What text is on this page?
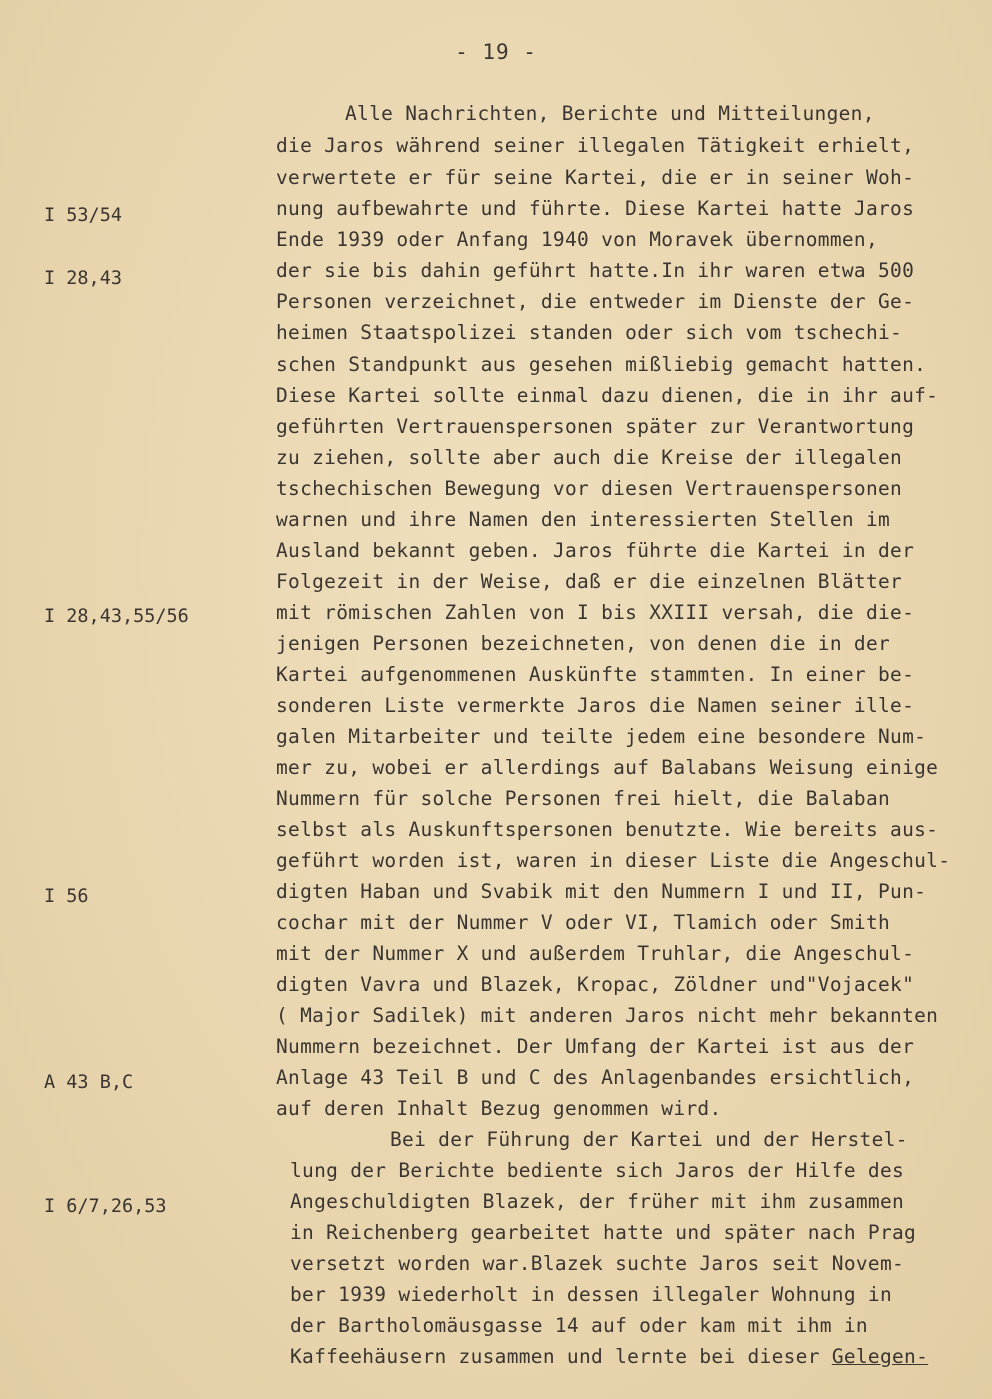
- 19 -
I 53/54
I 28,43
I 28,43,55/56
I 56
A 43 B,C
I 6/7,26,53
Alle Nachrichten, Berichte und Mitteilungen,
die Jaros während seiner illegalen Tätigkeit erhielt,
verwertete er für seine Kartei, die er in seiner Woh-
nung aufbewahrte und führte. Diese Kartei hatte Jaros
Ende 1939 oder Anfang 1940 von Moravek übernommen,
der sie bis dahin geführt hatte.In ihr waren etwa 500
Personen verzeichnet, die entweder im Dienste der Ge-
heimen Staatspolizei standen oder sich vom tschechi-
schen Standpunkt aus gesehen mißliebig gemacht hatten.
Diese Kartei sollte einmal dazu dienen, die in ihr auf-
geführten Vertrauenspersonen später zur Verantwortung
zu ziehen, sollte aber auch die Kreise der illegalen
tschechischen Bewegung vor diesen Vertrauenspersonen
warnen und ihre Namen den interessierten Stellen im
Ausland bekannt geben. Jaros führte die Kartei in der
Folgezeit in der Weise, daß er die einzelnen Blätter
mit römischen Zahlen von I bis XXIII versah, die die-
jenigen Personen bezeichneten, von denen die in der
Kartei aufgenommenen Auskünfte stammten. In einer be-
sonderen Liste vermerkte Jaros die Namen seiner ille-
galen Mitarbeiter und teilte jedem eine besondere Num-
mer zu, wobei er allerdings auf Balabans Weisung einige
Nummern für solche Personen frei hielt, die Balaban
selbst als Auskunftspersonen benutzte. Wie bereits aus-
geführt worden ist, waren in dieser Liste die Angeschul-
digten Haban und Svabik mit den Nummern I und II, Pun-
cochar mit der Nummer V oder VI, Tlamich oder Smith
mit der Nummer X und außerdem Truhlar, die Angeschul-
digten Vavra und Blazek, Kropac, Zöldner und"Vojacek"
( Major Sadilek) mit anderen Jaros nicht mehr bekannten
Nummern bezeichnet. Der Umfang der Kartei ist aus der
Anlage 43 Teil B und C des Anlagenbandes ersichtlich,
auf deren Inhalt Bezug genommen wird.
Bei der Führung der Kartei und der Herstel-
lung der Berichte bediente sich Jaros der Hilfe des
Angeschuldigten Blazek, der früher mit ihm zusammen
in Reichenberg gearbeitet hatte und später nach Prag
versetzt worden war.Blazek suchte Jaros seit Novem-
ber 1939 wiederholt in dessen illegaler Wohnung in
der Bartholomäusgasse 14 auf oder kam mit ihm in
Kaffeehäusern zusammen und lernte bei dieser Gelegen-
